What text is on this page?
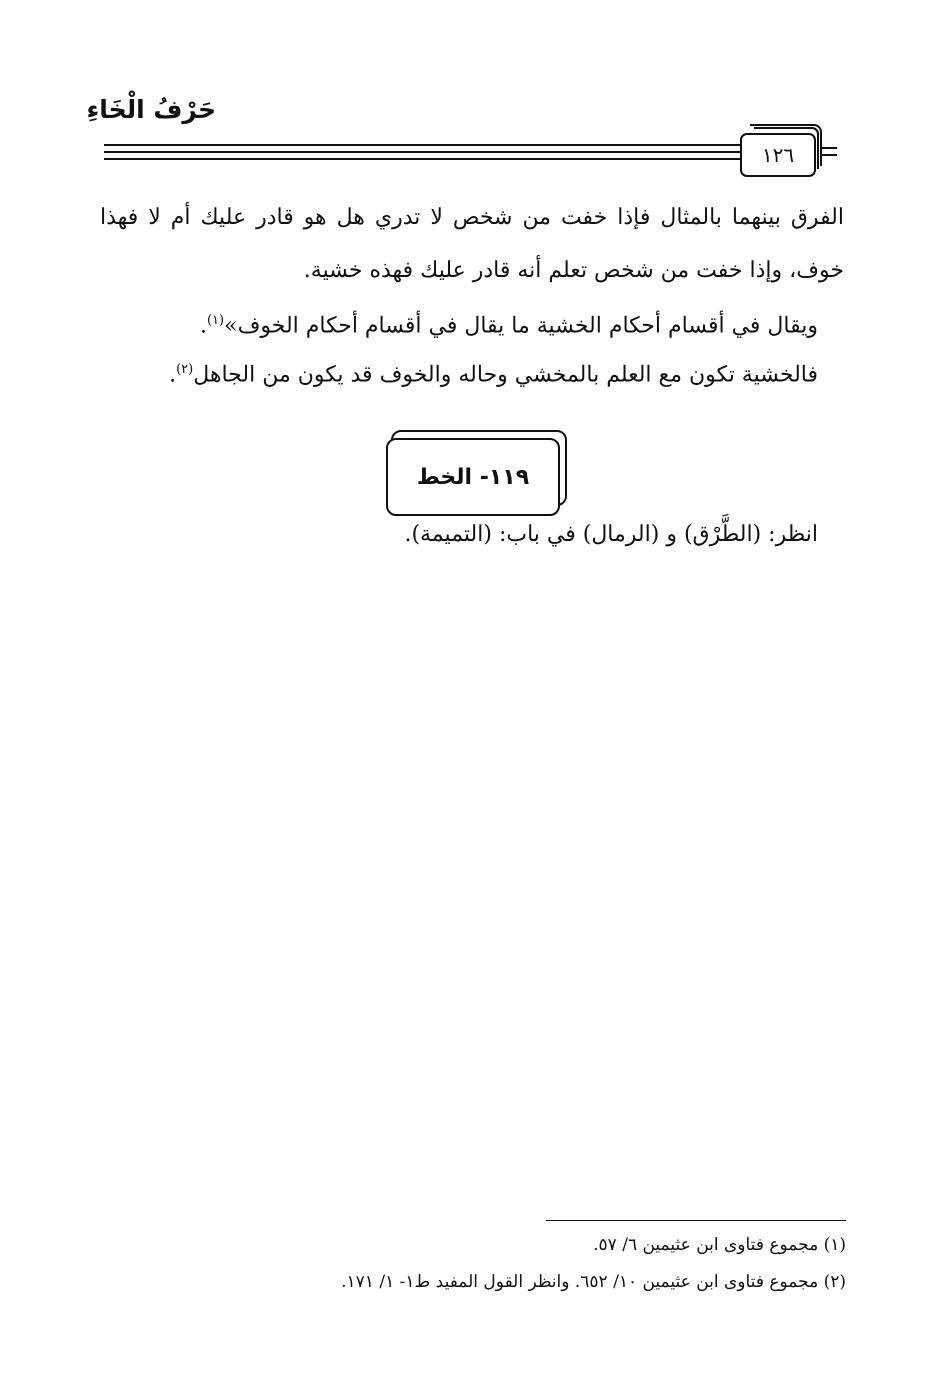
حَرْفُ الْخَاءِ
١٢٦
الفرق بينهما بالمثال فإذا خفت من شخص لا تدري هل هو قادر عليك أم لا فهذا
خوف، وإذا خفت من شخص تعلم أنه قادر عليك فهذه خشية.
ويقال في أقسام أحكام الخشية ما يقال في أقسام أحكام الخوف»$^{(١)}$.
فالخشية تكون مع العلم بالمخشي وحاله والخوف قد يكون من الجاهل$^{(٢)}$.
١١٩- الخط
انظر: (الطَّرْق) و (الرمال) في باب: (التميمة).
(١) مجموع فتاوى ابن عثيمين ٦/ ٥٧.
(٢) مجموع فتاوى ابن عثيمين ١٠/ ٦٥٢. وانظر القول المفيد ط١- ١/ ١٧١.
